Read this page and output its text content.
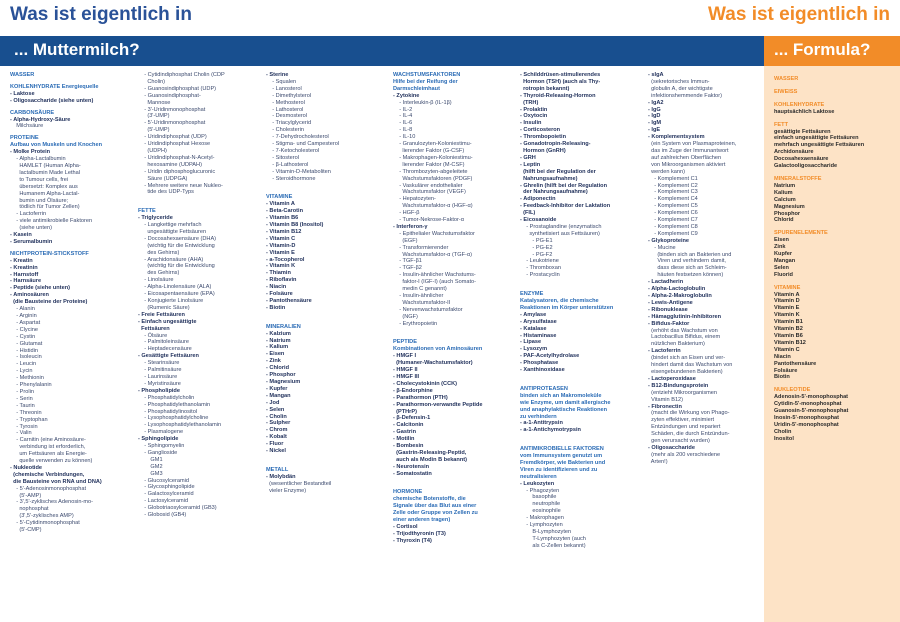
Was ist eigentlich in	Was ist eigentlich in
... Muttermilch?	... Formula?
WASSER
KOHLENHYDRATE Energiequelle
- Laktose
- Oligosaccharide (siehe unten)
CARBONSÄURE
- Alpha-Hydroxy-Säure
Milchsäure
PROTEINE
Aufbau von Muskeln und Knochen
- Molke Protein
- Alpha-Lactalbumin
HAMLET (Human Alpha-
lactalbumin Made Lethal
to Tumour cells, frei
übersetzt: Komplex aus
Humanem Alpha-Lactal-
bumin und Ölsäure;
tödlich für Tumor Zellen)
- Lactoferrin
- viele antimikrobielle Faktoren
(siehe unten)
- Kasein
- Serumalbumin
NICHTPROTEIN-STICKSTOFF
- Kreatin
- Kreatinin
- Harnstoff
- Harnsäure
- Peptide (siehe unten)
- Aminosäuren
(die Bausteine der Proteine)
- Alanin
- Arginin
- Aspartat
- Clycine
- Cystin
- Glutamat
- Histidin
- Isoleucin
- Leucin
- Lycin
- Methionin
- Phenylalanin
- Prolin
- Serin
- Taurin
- Threonin
- Tryptophan
- Tyrosin
- Valin
- Carnitin (eine Aminosäure-
verbindung ist erforderlich,
um Fettsäuren als Energie-
quelle verwenden zu können)
- Nukleotide
(chemische Verbindungen,
die Bausteine von RNA und DNA)
- 5'-Adenosinmonophosphat
(5'-AMP)
- 3',5'-zyklisches Adenosin-mo-
nophosphat
(3',5'-zyklisches AMP)
- 5'-Cytidinmonophosphat
(5'-CMP)
- Cytidindiphosphat Cholin (CDP
Cholin)
- Guanosindiphosphat (UDP)
- Guanosindiphosphat-
Mannose
- 3'-Uridinmonophosphat
(3'-UMP)
- 5'-Uridinmonophosphat
(5'-UMP)
- Uridindiphosphat (UDP)
- Uridindiphosphat Hexose
(UDPH)
- Uridindiphosphat-N-Acetyl-
hexosamine (UDPAH)
- Uridin diphosphoglucuronic
Säure (UDPGA)
- Mehrere weitere neue Nukleo-
tide des UDP-Typs

FETTE
- Triglyceride
- Langkettige mehrfach
ungesättigte Fettsäuren
- Docosahexaensäure (DHA)
(wichtig für die Entwicklung
des Gehirns)
- Arachidonsäure (AHA)
(wichtig für die Entwicklung
des Gehirns)
- Linolsäure
- Alpha-Linolensäure (ALA)
- Eicosapentaensäure (EPA)
- Konjugierte Linolsäure
(Rumenic Säure)
- Freie Fettsäuren
- Einfach ungesättigte
Fettsäuren
- Ölsäure
- Palmitoleinsäure
- Heptadecensäure
- Gesättigte Fettsäuren
- Stearinsäure
- Palmitinsäure
- Laurinsäure
- Myristinsäure
- Phospholipide
- Phosphatidylcholin
- Phosphatidylethanolamin
- Phosphatidylinositol
- Lysophosphatidylcholine
- Lysophosphatidylethanolamin
- Plasmalogene
- Sphingolipide
- Sphingomyelin
- Ganglioside
GM1
GM2
GM3
- Glucosylceramid
- Glycosphingolipide
- Galactosylceramid
- Lactosylceramid
- Globotriaosylceramid (GB3)
- Globosid (GB4)
- Sterine
- Squalen
- Lanosterol
- Dimethylsterol
- Methosterol
- Lathosterol
- Desmosterol
- Triacylglycerid
- Cholesterin
- 7-Dehydrocholesterol
- Stigma- und Campesterol
- 7-Ketocholesterol
- Sitosterol
- β-Lathosterol
- Vitamin-D-Metaboliten
- Steroidhormone

VITAMINE
- Vitamin A
- Beta-Carotin
- Vitamin B6
- Vitamin B8 (Inositol)
- Vitamin B12
- Vitamin C
- Vitamin-D
- Vitamin E
- a-Tocopherol
- Vitamin K
- Thiamin
- Riboflavin
- Niacin
- Folsäure
- Pantothensäure
- Biotin

MINERALIEN
- Kalzium
- Natrium
- Kalium
- Eisen
- Zink
- Chlorid
- Phosphor
- Magnesium
- Kupfer
- Mangan
- Jod
- Selen
- Cholin
- Sulpher
- Chrom
- Kobalt
- Fluor
- Nickel

METALL
- Molybdän
(wesentlicher Bestandteil
vieler Enzyme)
WACHSTUMSFAKTOREN
Hilfe bei der Reifung der
Darmschleimhaut
- Zytokine
- Interleukin-β (IL-1β)
- IL-2
- IL-4
- IL-6
- IL-8
- IL-10
- Granulozyten-Koloniestimu-
lierender Faktor (G-CSF)
- Makrophagen-Koloniestimu-
lierender Faktor (M-CSF)
- Thrombozyten-abgeleitete
Wachstumsfaktoren (PDGF)
- Vaskulärer endothelialer
Wachstumsfaktor (VEGF)
- Hepatozyten-
Wachstumsfaktor-α (HGF-α)
- HGF-β
- Tumor-Nekrose-Faktor-α
- Interferon-γ
- Epithelialer Wachstumsfaktor
(EGF)
- Transformierender
Wachstumsfaktor-α (TGF-α)
- TGF-β1
- TGF-β2
- Insulin-ähnlicher Wachstums-
faktor-I (IGF-I) (auch Somato-
medin C genannt)
- Insulin-ähnlicher
Wachstumsfaktor-II
- Nervenwachstumsfaktor
(NGF)
- Erythropoietin

PEPTIDE
Kombinationen von Aminosäuren
- HMGF I
(Humaner-Wachstumsfaktor)
- HMGF II
- HMGF III
- Cholecystokinin (CCK)
- β-Endorphine
- Parathormon (PTH)
- Parathormon-verwandte Peptide
(PTHrP)
- β-Defensin-1
- Calcitonin
- Gastrin
- Motilin
- Bombesin
(Gastrin-Releasing-Peptid,
auch als Modin B bekannt)
- Neurotensin
- Somatostatin

HORMONE
chemische Botenstoffe, die
Signale über das Blut aus einer
Zelle oder Gruppe von Zellen zu
einer anderen tragen)
- Cortisol
- Trijodthyronin (T3)
- Thyroxin (T4)
- Schilddrüsen-stimulierendes
Hormon (TSH) (auch als Thy-
rotropin bekannt)
- Thyroid-Releasing-Hormon
(TRH)
- Prolaktin
- Oxytocin
- Insulin
- Corticosteron
- Thrombopoietin
- Gonadotropin-Releasing-
Hormon (GnRH)
- GRH
- Leptin
(hilft bei der Regulation der
Nahrungsaufnahme)
- Ghrelin (hilft bei der Regulation
der Nahrungsaufnahme)
- Adiponectin
- Feedback-Inhibitor der Laktation
(FIL)
- Eicosanoide
- Prostaglandine (enzymatisch
synthetisiert aus Fettsäuren)
- PG-E1
- PG-E2
- PG-F2
- Leukotriene
- Thromboxan
- Prostacyclin

ENZYME
Katalysatoren, die chemische
Reaktionen im Körper unterstützen
- Amylase
- Arysulfatase
- Katalase
- Histaminase
- Lipase
- Lysozym
- PAF-Acetylhydrolase
- Phosphatase
- Xanthinoxidase

ANTIPROTEASEN
binden sich an Makromoleküle
wie Enzyme, um damit allergische
und anaphylaktische Reaktionen
zu verhindern
- a-1-Antitrypsin
- a-1-Antichymotrypsin

ANTIMIKROBIELLE FAKTOREN
vom Immunsystem genutzt um
Fremdkörper, wie Bakterien und
Viren zu identifizieren und zu
neutralisieren
- Leukozyten
- Phagozyten
basophile
neutrophile
eosinophile
- Makrophagen
- Lymphozyten
B-Lymphozyten
T-Lymphozyten (auch
als C-Zellen bekannt)
- sIgA
(sekretorisches Immun-
globulin A, der wichtigste
infektionshemmende Faktor)
- IgA2
- IgG
- IgD
- IgM
- IgE
- Komplementsystem
(ein System von Plasmaproteinen,
das im Zuge der Immunantwort
auf zahlreichen Oberflächen
von Mikroorganismen aktiviert
werden kann)
- Komplement C1
- Komplement C2
- Komplement C3
- Komplement C4
- Komplement C5
- Komplement C6
- Komplement C7
- Komplement C8
- Komplement C9
- Glykoproteine
- Mucine
(binden sich an Bakterien und
Viren und verhindern damit,
dass diese sich an Schleim-
häuten festsetzen können)
- Lactadherin
- Alpha-Lactoglobulin
- Alpha-2-Makroglobulin
- Lewis-Antigene
- Ribonuklease
- Hämagglutinin-Inhibitoren
- Bifidus-Faktor
(erhöht das Wachstum von
Lactobacillus Bifidus, einem
nützlichen Bakterium)
- Lactoferrin
(bindet sich an Eisen und ver-
hindert damit das Wachstum von
eisengebundenen Bakterien)
- Lactoperoxidase
- B12-Bindungsprotein
(entzieht Mikroorganismen
Vitamin B12)
- Fibronectin
(macht die Wirkung von Phago-
zyten effektiver, minimiert
Entzündungen und repariert
Schäden, die durch Entzündun-
gen verursacht wurden)
- Oligosaccharide
(mehr als 200 verschiedene
Arten!)
WASSER
EIWEISS
KOHLENHYDRATE
hauptsächlich Laktose
FETT
gesättigte Fettsäuren
einfach ungesättigte Fettsäuren
mehrfach ungesättigte Fettsäuren
Archidonsäure
Docosahexaensäure
Galactooligosaccharide
MINERALSTOFFE
Natrium
Kalium
Calcium
Magnesium
Phosphor
Chlorid
SPURENELEMENTE
Eisen
Zink
Kupfer
Mangan
Selen
Fluorid
VITAMINE
Vitamin A
Vitamin D
Vitamin E
Vitamin K
Vitamin B1
Vitamin B2
Vitamin B6
Vitamin B12
Vitamin C
Niacin
Pantothensäure
Folsäure
Biotin
NUKLEOTIDE
Adenosin-5'-monophosphat
Cytidin-5'-monophosphat
Guanosin-5'-monophosphat
Inosin-5'-monophosphat
Uridin-5'-monophosphat
Cholin
Inositol
